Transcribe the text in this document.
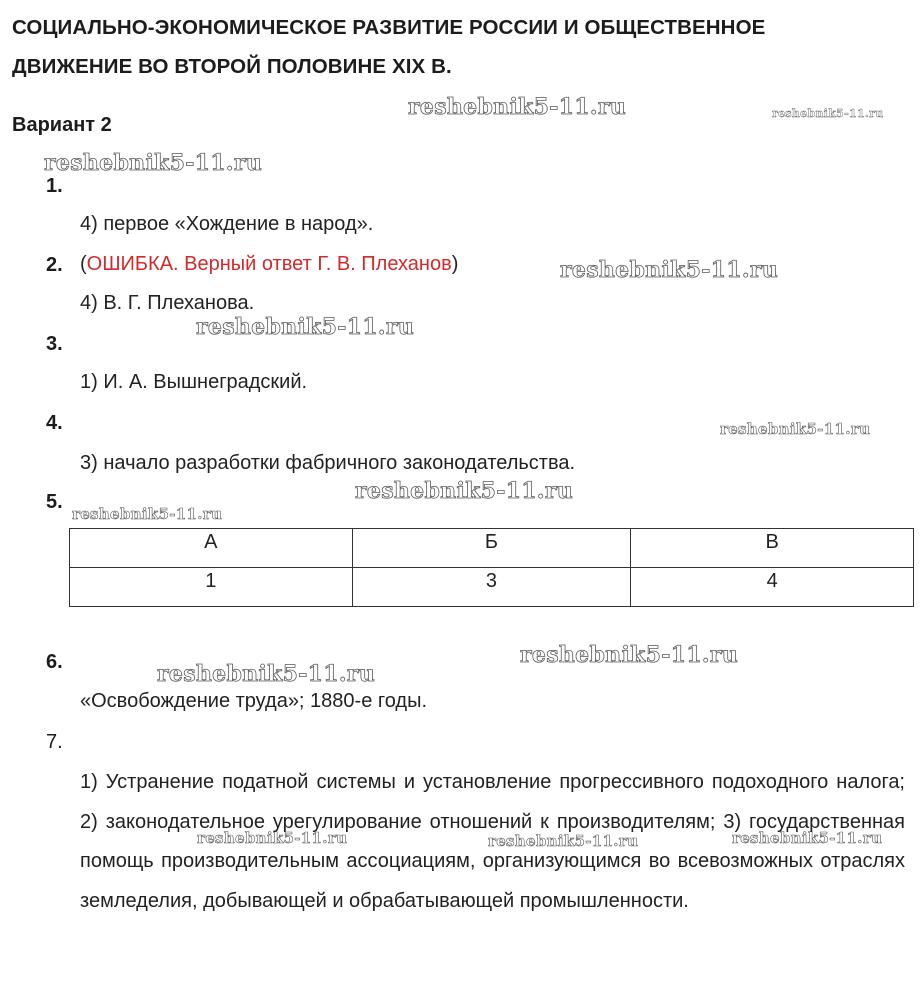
СОЦИАЛЬНО-ЭКОНОМИЧЕСКОЕ РАЗВИТИЕ РОССИИ И ОБЩЕСТВЕННОЕ
ДВИЖЕНИЕ ВО ВТОРОЙ ПОЛОВИНЕ XIX В.
Вариант 2
reshebnik5-11.ru	reshebnik5-11.ru
reshebnik5-11.ru
reshebnik5-11.ru
reshebnik5-11.ru
reshebnik5-11.ru
reshebnik5-11.ru
reshebnik5-11.ru
reshebnik5-11.ru
reshebnik5-11.ru
reshebnik5-11.ru	reshebnik5-11.ru	reshebnik5-11.ru
1.
4) первое «Хождение в народ».
2. (ОШИБКА. Верный ответ Г. В. Плеханов)
4) В. Г. Плеханова.
3.
1) И. А. Вышнеградский.
4.
3) начало разработки фабричного законодательства.
5.
А	Б	В
1	3	4
6.
«Освобождение труда»; 1880-е годы.
7.
1) Устранение податной системы и установление прогрессивного подоходного налога; 2) законодательное урегулирование отношений к производителям; 3) государственная помощь производительным ассоциациям, организующимся во всевозможных отраслях земледелия, добывающей и обрабатывающей промышленности.
